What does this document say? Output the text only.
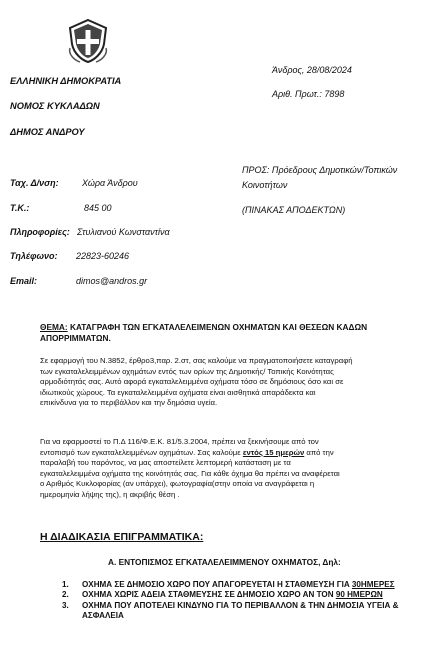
ΕΛΛΗΝΙΚΗ ΔΗΜΟΚΡΑΤΙΑ
ΝΟΜΟΣ ΚΥΚΛΑΔΩΝ
ΔΗΜΟΣ ΑΝΔΡΟΥ
Άνδρος, 28/08/2024
Αριθ. Πρωτ.: 7898
Ταχ. Δ/νση:	Χώρα Άνδρου
Τ.Κ.:	845 00
Πληροφορίες: Στυλιανού Κωνσταντίνα
Τηλέφωνο: 22823-60246
Email:	dimos@andros.gr
ΠΡΟΣ: Πρόεδρους Δημοτικών/Τοπικών
Κοινοτήτων
(ΠΙΝΑΚΑΣ ΑΠΟΔΕΚΤΩΝ)
ΘΕΜΑ: ΚΑΤΑΓΡΑΦΗ ΤΩΝ ΕΓΚΑΤΑΛΕΛΕΙΜΕΝΩΝ ΟΧΗΜΑΤΩΝ ΚΑΙ ΘΕΣΕΩΝ ΚΑΔΩΝ
ΑΠΟΡΡΙΜΜΑΤΩΝ.
Σε εφαρμογή του Ν.3852, έρθρο3,παρ. 2.στ, σας καλούμε να πραγματοποιήσετε καταγραφή
των εγκαταλελειμμένων οχημάτων εντός των ορίων της Δημοτικής/ Τοπικής Κοινότητας
αρμοδιότητάς σας. Αυτό αφορά εγκαταλελειμμένα οχήματα τόσο σε δημόσιους όσο και σε
ιδιωτικούς χώρους. Τα εγκαταλελειμμένα οχήματα είναι αισθητικά απαράδεκτα και
επικίνδυνα για το περιβάλλον και την δημόσια υγεία.
Για να εφαρμοστεί το Π.Δ 116/Φ.Ε.Κ. 81/5.3.2004, πρέπει να ξεκινήσουμε από τον
εντοπισμό των εγκαταλελειμμένων οχημάτων. Σας καλούμε εντός 15 ημερών από την
παραλαβή του παρόντος, να μας αποστείλετε λεπτομερή κατάσταση με τα
εγκαταλελειμμένα οχήματα της κοινότητάς σας. Για κάθε όχημα θα πρέπει να αναφέρεται
ο Αριθμός Κυκλοφορίας (αν υπάρχει), φωτογραφία(στην οποία να αναγράφεται η
ημερομηνία λήψης της), η ακριβής θέση .
Η ΔΙΑΔΙΚΑΣΙΑ ΕΠΙΓΡΑΜΜΑΤΙΚΑ:
Α. ΕΝΤΟΠΙΣΜΟΣ ΕΓΚΑΤΑΛΕΛΕΙΜΜΕΝΟΥ ΟΧΗΜΑΤΟΣ, Δηλ:
1. ΟΧΗΜΑ ΣΕ ΔΗΜΟΣΙΟ ΧΩΡΟ ΠΟΥ ΑΠΑΓΟΡΕΥΕΤΑΙ Η ΣΤΑΘΜΕΥΣΗ ΓΙΑ 30ΗΜΕΡΕΣ
2. ΟΧΗΜΑ ΧΩΡΙΣ ΑΔΕΙΑ ΣΤΑΘΜΕΥΣΗΣ ΣΕ ΔΗΜΟΣΙΟ ΧΩΡΟ ΑΝ ΤΟΝ 90 ΗΜΕΡΩΝ
3. ΟΧΗΜΑ ΠΟΥ ΑΠΟΤΕΛΕΙ ΚΙΝΔΥΝΟ ΓΙΑ ΤΟ ΠΕΡΙΒΑΛΛΟΝ & ΤΗΝ ΔΗΜΟΣΙΑ ΥΓΕΙΑ &
ΑΣΦΑΛΕΙΑ
